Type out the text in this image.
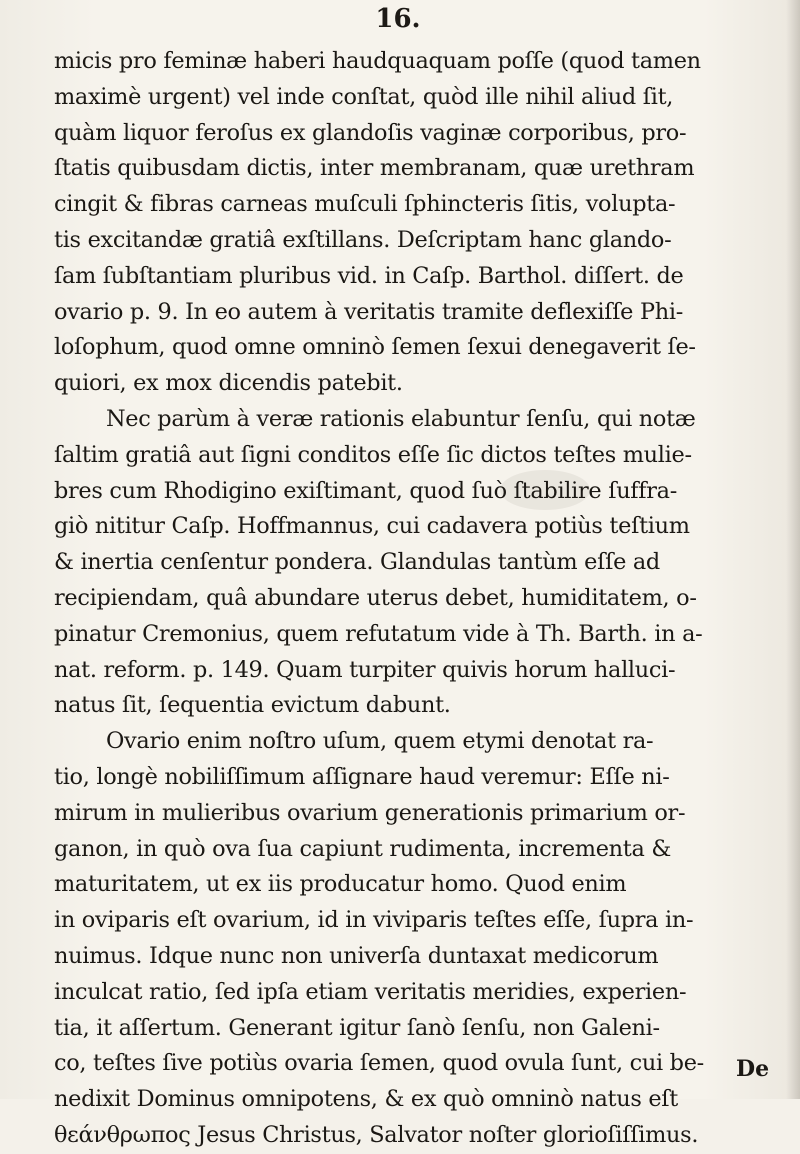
16.
micis pro feminæ haberi haudquaquam poſſe (quod tamen
maximè urgent) vel inde conſtat, quòd ille nihil aliud ſit,
quàm liquor feroſus ex glandoſis vaginæ corporibus, pro-
ſtatis quibusdam dictis, inter membranam, quæ urethram
cingit & fibras carneas muſculi ſphincteris ſitis, volupta-
tis excitandæ gratiâ exſtillans. Deſcriptam hanc glando-
ſam ſubſtantiam pluribus vid. in Caſp. Barthol. diſſert. de
ovario p. 9. In eo autem à veritatis tramite deflexiſſe Phi-
loſophum, quod omne omninò ſemen ſexui denegaverit ſe-
quiori, ex mox dicendis patebit.
Nec parùm à veræ rationis elabuntur ſenſu, qui notæ
ſaltim gratiâ aut ſigni conditos eſſe ſic dictos teſtes mulie-
bres cum Rhodigino exiſtimant, quod ſuò ſtabilire ſuffra-
giò nititur Caſp. Hoffmannus, cui cadavera potiùs teſtium
& inertia cenſentur pondera. Glandulas tantùm eſſe ad
recipiendam, quâ abundare uterus debet, humiditatem, o-
pinatur Cremonius, quem refutatum vide à Th. Barth. in a-
nat. reform. p. 149. Quam turpiter quivis horum halluci-
natus ſit, ſequentia evictum dabunt.
Ovario enim noſtro uſum, quem etymi denotat ra-
tio, longè nobiliſſimum aſſignare haud veremur: Eſſe ni-
mirum in mulieribus ovarium generationis primarium or-
ganon, in quò ova ſua capiunt rudimenta, incrementa &
maturitatem, ut ex iis producatur homo. Quod enim
in oviparis eſt ovarium, id in viviparis teſtes eſſe, ſupra in-
nuimus. Idque nunc non univerſa duntaxat medicorum
inculcat ratio, ſed ipſa etiam veritatis meridies, experien-
tia, it aſſertum. Generant igitur ſanò ſenſu, non Galeni-
co, teſtes ſive potiùs ovaria ſemen, quod ovula ſunt, cui be-
nedixit Dominus omnipotens, & ex quò omninò natus eſt
θεάνθρωπος Jesus Christus, Salvator noſter glorioſiſſimus.
De
